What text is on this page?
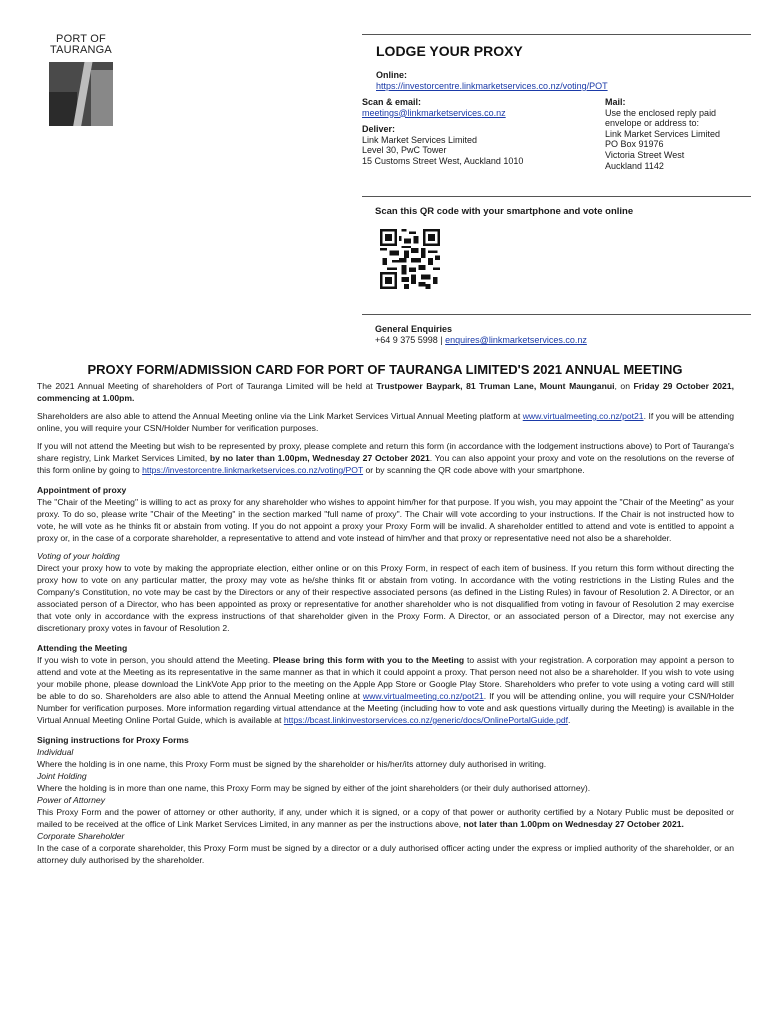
PORT OF
TAURANGA	LODGE YOUR PROXY
Online:
https://investorcentre.linkmarketservices.co.nz/voting/POT
Scan & email:
meetings@linkmarketservices.co.nz
Deliver:
Link Market Services Limited
Level 30, PwC Tower
15 Customs Street West, Auckland 1010
Mail:
Use the enclosed reply paid
envelope or address to:
Link Market Services Limited
PO Box 91976
Victoria Street West
Auckland 1142
Scan this QR code with your smartphone and vote online
General Enquiries
+64 9 375 5998 | enquires@linkmarketservices.co.nz
PROXY FORM/ADMISSION CARD FOR PORT OF TAURANGA LIMITED'S 2021 ANNUAL MEETING

The 2021 Annual Meeting of shareholders of Port of Tauranga Limited will be held at Trustpower Baypark, 81 Truman Lane, Mount Maunganui, on Friday 29 October 2021, commencing at 1.00pm.

Shareholders are also able to attend the Annual Meeting online via the Link Market Services Virtual Annual Meeting platform at www.virtualmeeting.co.nz/pot21. If you will be attending online, you will require your CSN/Holder Number for verification purposes.

If you will not attend the Meeting but wish to be represented by proxy, please complete and return this form (in accordance with the lodgement instructions above) to Port of Tauranga's share registry, Link Market Services Limited, by no later than 1.00pm, Wednesday 27 October 2021. You can also appoint your proxy and vote on the resolutions on the reverse of this form online by going to https://investorcentre.linkmarketservices.co.nz/voting/POT or by scanning the QR code above with your smartphone.

Appointment of proxy

The "Chair of the Meeting" is willing to act as proxy for any shareholder who wishes to appoint him/her for that purpose. If you wish, you may appoint the "Chair of the Meeting" as your proxy. To do so, please write "Chair of the Meeting" in the section marked "full name of proxy". The Chair will vote according to your instructions. If the Chair is not instructed how to vote, he will vote as he thinks fit or abstain from voting. If you do not appoint a proxy your Proxy Form will be invalid. A shareholder entitled to attend and vote is entitled to appoint a proxy or, in the case of a corporate shareholder, a representative to attend and vote instead of him/her and that proxy or representative need not also be a shareholder.

Voting of your holding

Direct your proxy how to vote by making the appropriate election, either online or on this Proxy Form, in respect of each item of business. If you return this form without directing the proxy how to vote on any particular matter, the proxy may vote as he/she thinks fit or abstain from voting. In accordance with the voting restrictions in the Listing Rules and the Company's Constitution, no vote may be cast by the Directors or any of their respective associated persons (as defined in the Listing Rules) in favour of Resolution 2. A Director, or an associated person of a Director, who has been appointed as proxy or representative for another shareholder who is not disqualified from voting in favour of Resolution 2 may exercise that vote only in accordance with the express instructions of that shareholder given in the Proxy Form. A Director, or an associated person of a Director, may not exercise any discretionary proxy votes in favour of Resolution 2.

Attending the Meeting

If you wish to vote in person, you should attend the Meeting. Please bring this form with you to the Meeting to assist with your registration. A corporation may appoint a person to attend and vote at the Meeting as its representative in the same manner as that in which it could appoint a proxy. That person need not also be a shareholder. If you wish to vote using your mobile phone, please download the LinkVote App prior to the meeting on the Apple App Store or Google Play Store. Shareholders who prefer to vote using a voting card will still be able to do so. Shareholders are also able to attend the Annual Meeting online at www.virtualmeeting.co.nz/pot21. If you will be attending online, you will require your CSN/Holder Number for verification purposes. More information regarding virtual attendance at the Meeting (including how to vote and ask questions virtually during the Meeting) is available in the Virtual Annual Meeting Online Portal Guide, which is available at https://bcast.linkinvestorservices.co.nz/generic/docs/OnlinePortalGuide.pdf.

Signing instructions for Proxy Forms

Individual

Where the holding is in one name, this Proxy Form must be signed by the shareholder or his/her/its attorney duly authorised in writing.

Joint Holding

Where the holding is in more than one name, this Proxy Form may be signed by either of the joint shareholders (or their duly authorised attorney).

Power of Attorney

This Proxy Form and the power of attorney or other authority, if any, under which it is signed, or a copy of that power or authority certified by a Notary Public must be deposited or mailed to be received at the office of Link Market Services Limited, in any manner as per the instructions above, not later than 1.00pm on Wednesday 27 October 2021.

Corporate Shareholder

In the case of a corporate shareholder, this Proxy Form must be signed by a director or a duly authorised officer acting under the express or implied authority of the shareholder, or an attorney duly authorised by the shareholder.
